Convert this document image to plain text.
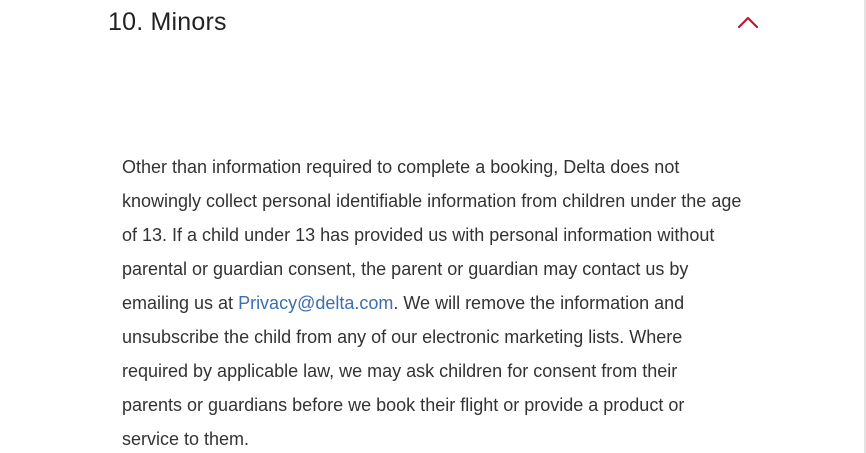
10. Minors

Other than information required to complete a booking, Delta does not knowingly collect personal identifiable information from children under the age of 13. If a child under 13 has provided us with personal information without parental or guardian consent, the parent or guardian may contact us by emailing us at Privacy@delta.com. We will remove the information and unsubscribe the child from any of our electronic marketing lists. Where required by applicable law, we may ask children for consent from their parents or guardians before we book their flight or provide a product or service to them.
